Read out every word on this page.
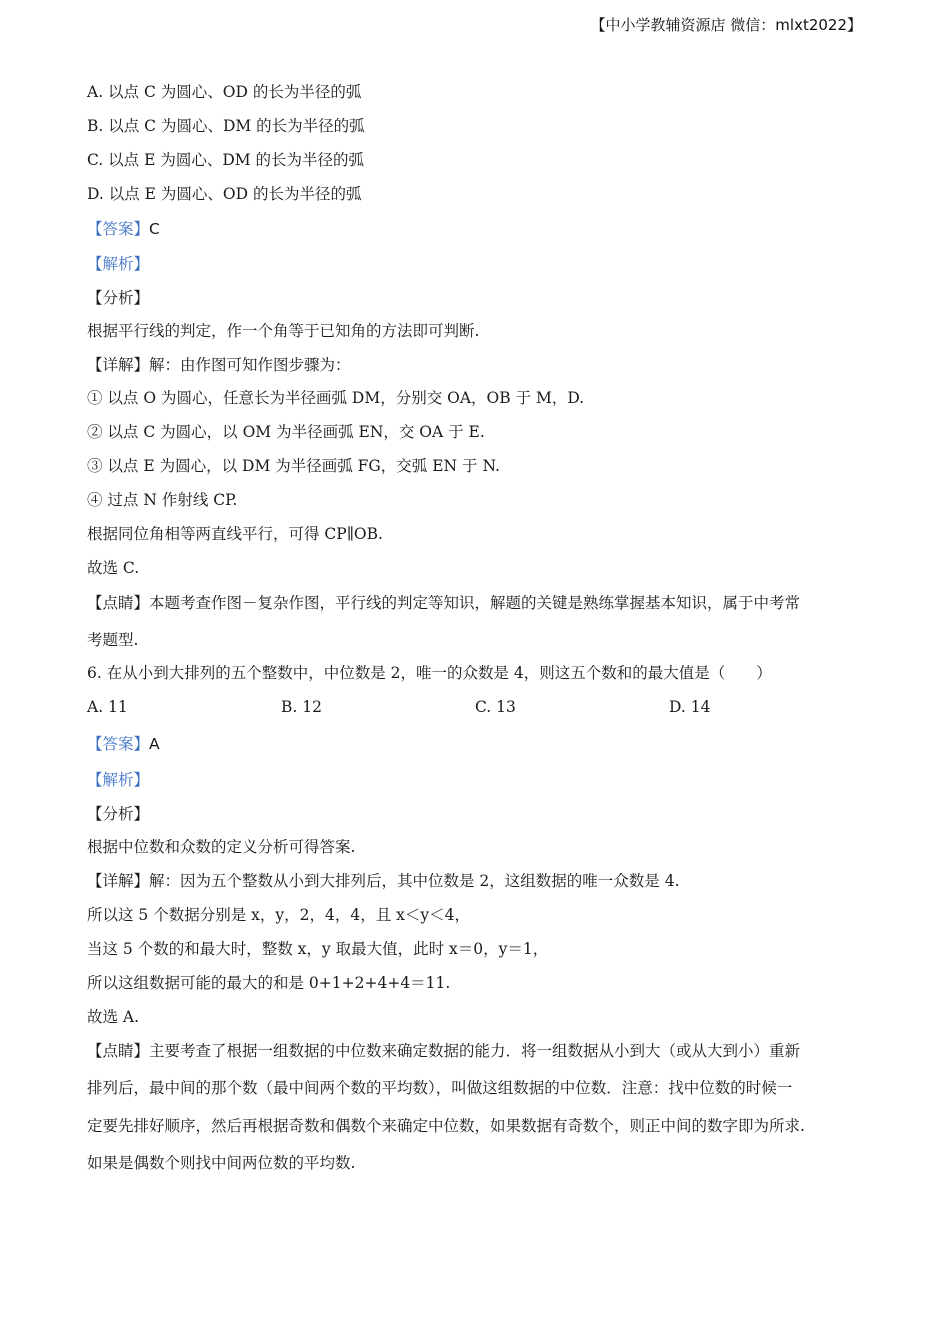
【中小学教辅资源店 微信：mlxt2022】
A. 以点 C 为圆心、OD 的长为半径的弧
B. 以点 C 为圆心、DM 的长为半径的弧
C. 以点 E 为圆心、DM 的长为半径的弧
D. 以点 E 为圆心、OD 的长为半径的弧
【答案】C
【解析】
【分析】
根据平行线的判定，作一个角等于已知角的方法即可判断.
【详解】解：由作图可知作图步骤为：
① 以点 O 为圆心，任意长为半径画弧 DM，分别交 OA，OB 于 M，D.
② 以点 C 为圆心，以 OM 为半径画弧 EN，交 OA 于 E.
③ 以点 E 为圆心，以 DM 为半径画弧 FG，交弧 EN 于 N.
④ 过点 N 作射线 CP.
根据同位角相等两直线平行，可得 CP∥OB.
故选 C.
【点睛】本题考查作图－复杂作图，平行线的判定等知识，解题的关键是熟练掌握基本知识，属于中考常
考题型.
6. 在从小到大排列的五个整数中，中位数是 2，唯一的众数是 4，则这五个数和的最大值是（　　）
A. 11	B. 12	C. 13	D. 14
【答案】A
【解析】
【分析】
根据中位数和众数的定义分析可得答案.
【详解】解：因为五个整数从小到大排列后，其中位数是 2，这组数据的唯一众数是 4.
所以这 5 个数据分别是 x，y，2，4，4，且 x＜y＜4，
当这 5 个数的和最大时，整数 x，y 取最大值，此时 x＝0，y＝1，
所以这组数据可能的最大的和是 0+1+2+4+4＝11.
故选 A.
【点睛】主要考查了根据一组数据的中位数来确定数据的能力．将一组数据从小到大（或从大到小）重新
排列后，最中间的那个数（最中间两个数的平均数），叫做这组数据的中位数．注意：找中位数的时候一
定要先排好顺序，然后再根据奇数和偶数个来确定中位数，如果数据有奇数个，则正中间的数字即为所求.
如果是偶数个则找中间两位数的平均数.
